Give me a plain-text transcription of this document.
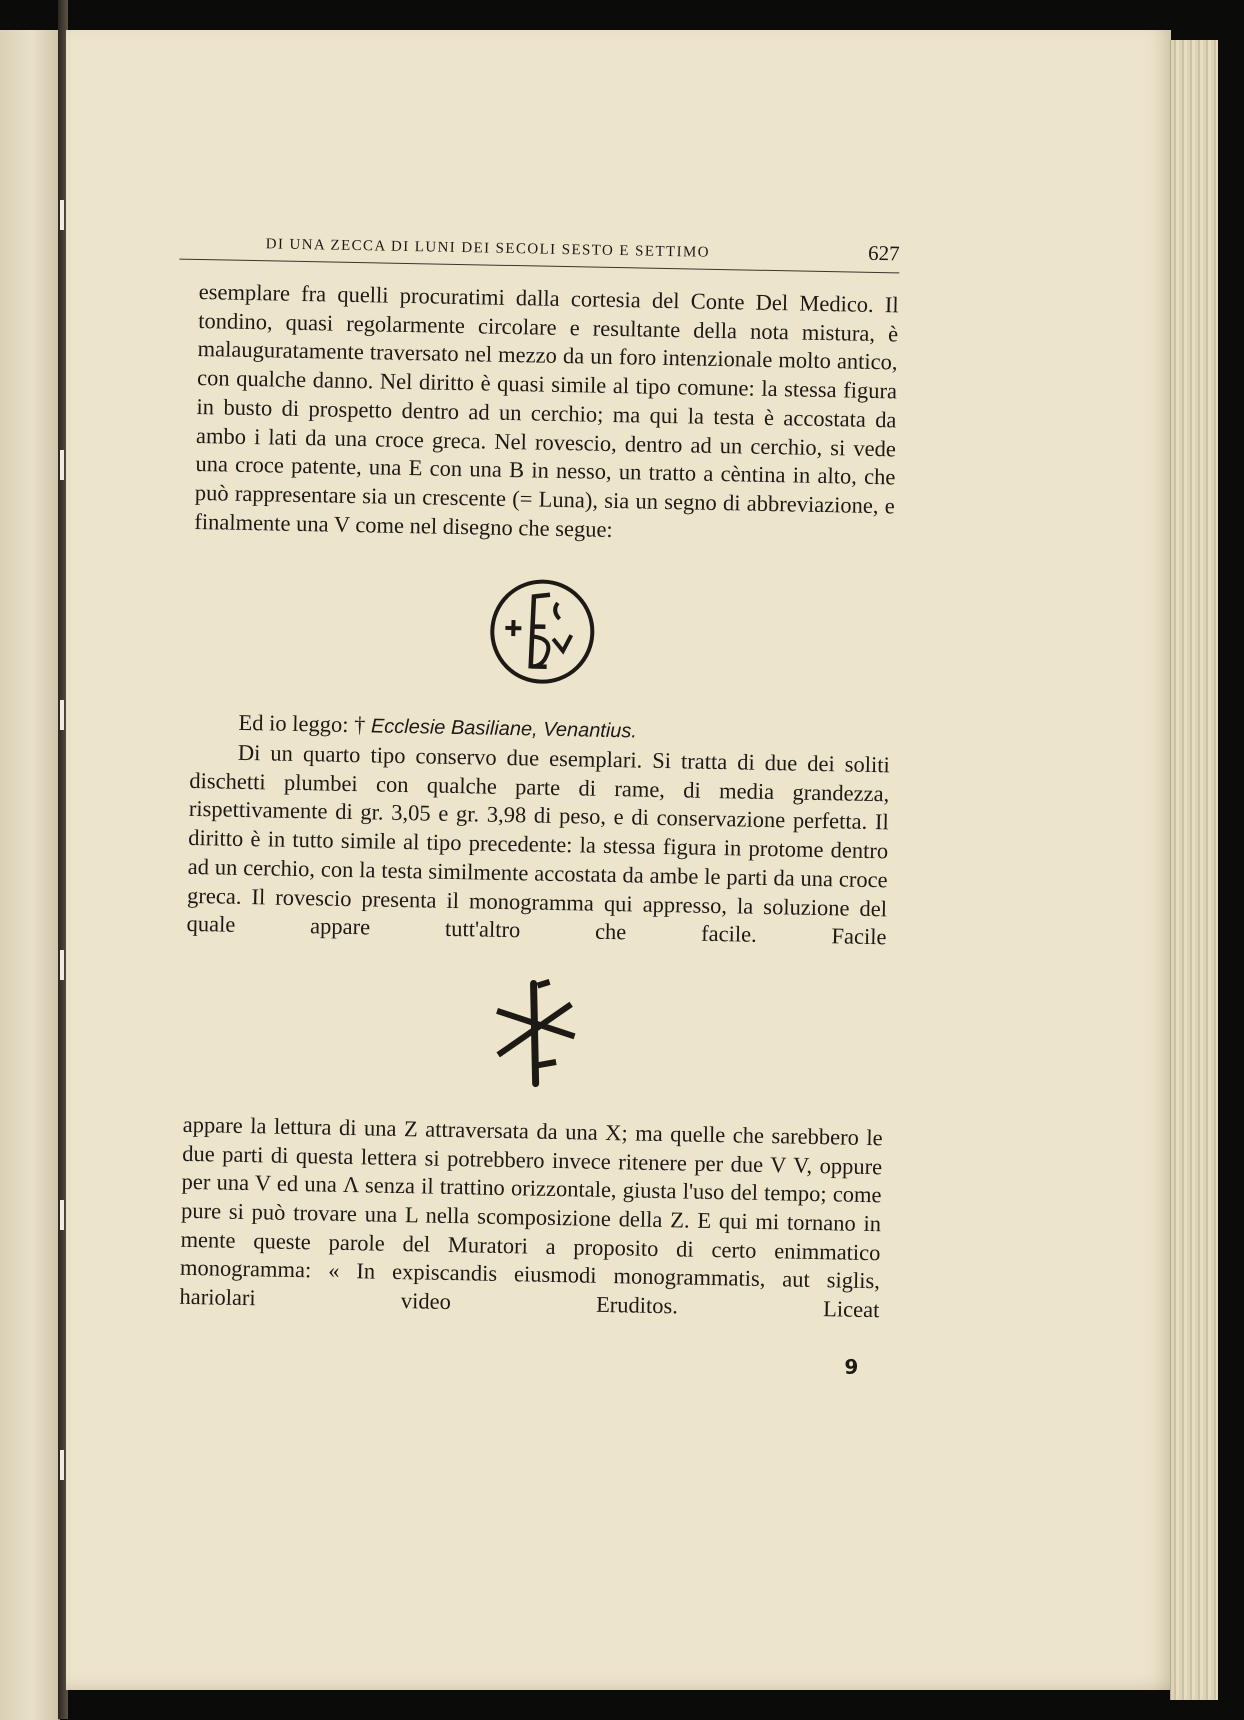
DI UNA ZECCA DI LUNI DEI SECOLI SESTO E SETTIMO	627

esemplare fra quelli procuratimi dalla cortesia del Conte Del Medico. Il tondino, quasi regolarmente circolare e resultante della nota mistura, è malauguratamente traversato nel mezzo da un foro intenzionale molto antico, con qualche danno. Nel diritto è quasi simile al tipo comune: la stessa figura in busto di prospetto dentro ad un cerchio; ma qui la testa è accostata da ambo i lati da una croce greca. Nel rovescio, dentro ad un cerchio, si vede una croce patente, una E con una B in nesso, un tratto a cèntina in alto, che può rappresentare sia un crescente (= Luna), sia un segno di abbreviazione, e finalmente una V come nel disegno che segue:

Ed io leggo: † Ecclesie Basiliane, Venantius.

Di un quarto tipo conservo due esemplari. Si tratta di due dei soliti dischetti plumbei con qualche parte di rame, di media grandezza, rispettivamente di gr. 3,05 e gr. 3,98 di peso, e di conservazione perfetta. Il diritto è in tutto simile al tipo precedente: la stessa figura in protome dentro ad un cerchio, con la testa similmente accostata da ambe le parti da una croce greca. Il rovescio presenta il monogramma qui appresso, la soluzione del quale appare tutt'altro che facile. Facile

appare la lettura di una Z attraversata da una X; ma quelle che sarebbero le due parti di questa lettera si potrebbero invece ritenere per due V V, oppure per una V ed una Λ senza il trattino orizzontale, giusta l'uso del tempo; come pure si può trovare una L nella scomposizione della Z. E qui mi tornano in mente queste parole del Muratori a proposito di certo enimmatico monogramma: « In expiscandis eiusmodi monogrammatis, aut siglis, hariolari video Eruditos. Liceat

9
